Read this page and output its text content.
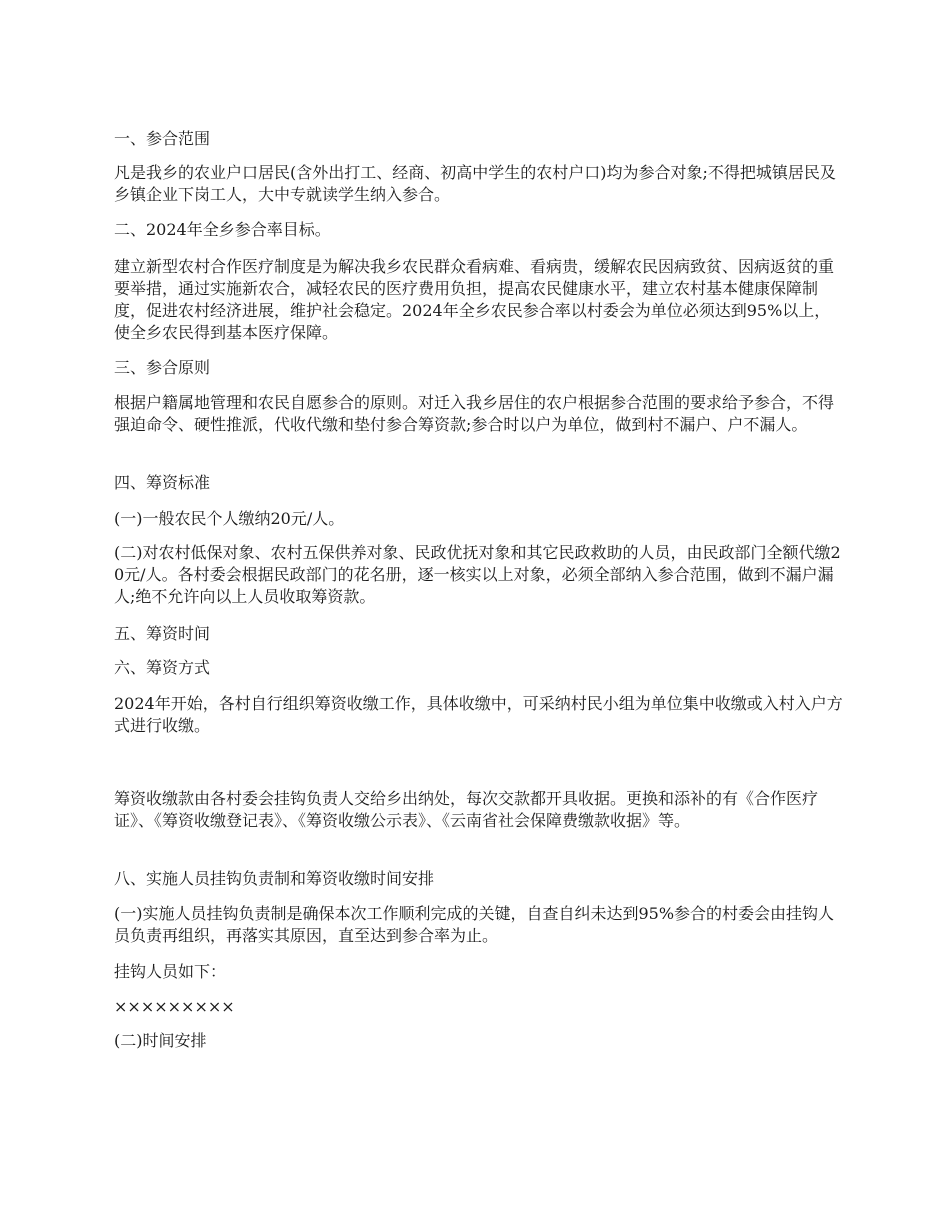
一、参合范围

凡是我乡的农业户口居民(含外出打工、经商、初高中学生的农村户口)均为参合对象;不得把城镇居民及乡镇企业下岗工人，大中专就读学生纳入参合。

二、2024年全乡参合率目标。

建立新型农村合作医疗制度是为解决我乡农民群众看病难、看病贵，缓解农民因病致贫、因病返贫的重要举措，通过实施新农合，减轻农民的医疗费用负担，提高农民健康水平，建立农村基本健康保障制度，促进农村经济进展，维护社会稳定。2024年全乡农民参合率以村委会为单位必须达到95%以上，使全乡农民得到基本医疗保障。

三、参合原则

根据户籍属地管理和农民自愿参合的原则。对迁入我乡居住的农户根据参合范围的要求给予参合，不得强迫命令、硬性推派，代收代缴和垫付参合筹资款;参合时以户为单位，做到村不漏户、户不漏人。

四、筹资标准

(一)一般农民个人缴纳20元/人。

(二)对农村低保对象、农村五保供养对象、民政优抚对象和其它民政救助的人员，由民政部门全额代缴20元/人。各村委会根据民政部门的花名册，逐一核实以上对象，必须全部纳入参合范围，做到不漏户漏人;绝不允许向以上人员收取筹资款。

五、筹资时间

六、筹资方式

2024年开始，各村自行组织筹资收缴工作，具体收缴中，可采纳村民小组为单位集中收缴或入村入户方式进行收缴。

筹资收缴款由各村委会挂钩负责人交给乡出纳处，每次交款都开具收据。更换和添补的有《合作医疗证》、《筹资收缴登记表》、《筹资收缴公示表》、《云南省社会保障费缴款收据》等。

八、实施人员挂钩负责制和筹资收缴时间安排

(一)实施人员挂钩负责制是确保本次工作顺利完成的关键，自查自纠未达到95%参合的村委会由挂钩人员负责再组织，再落实其原因，直至达到参合率为止。

挂钩人员如下：

×××××××××

(二)时间安排
